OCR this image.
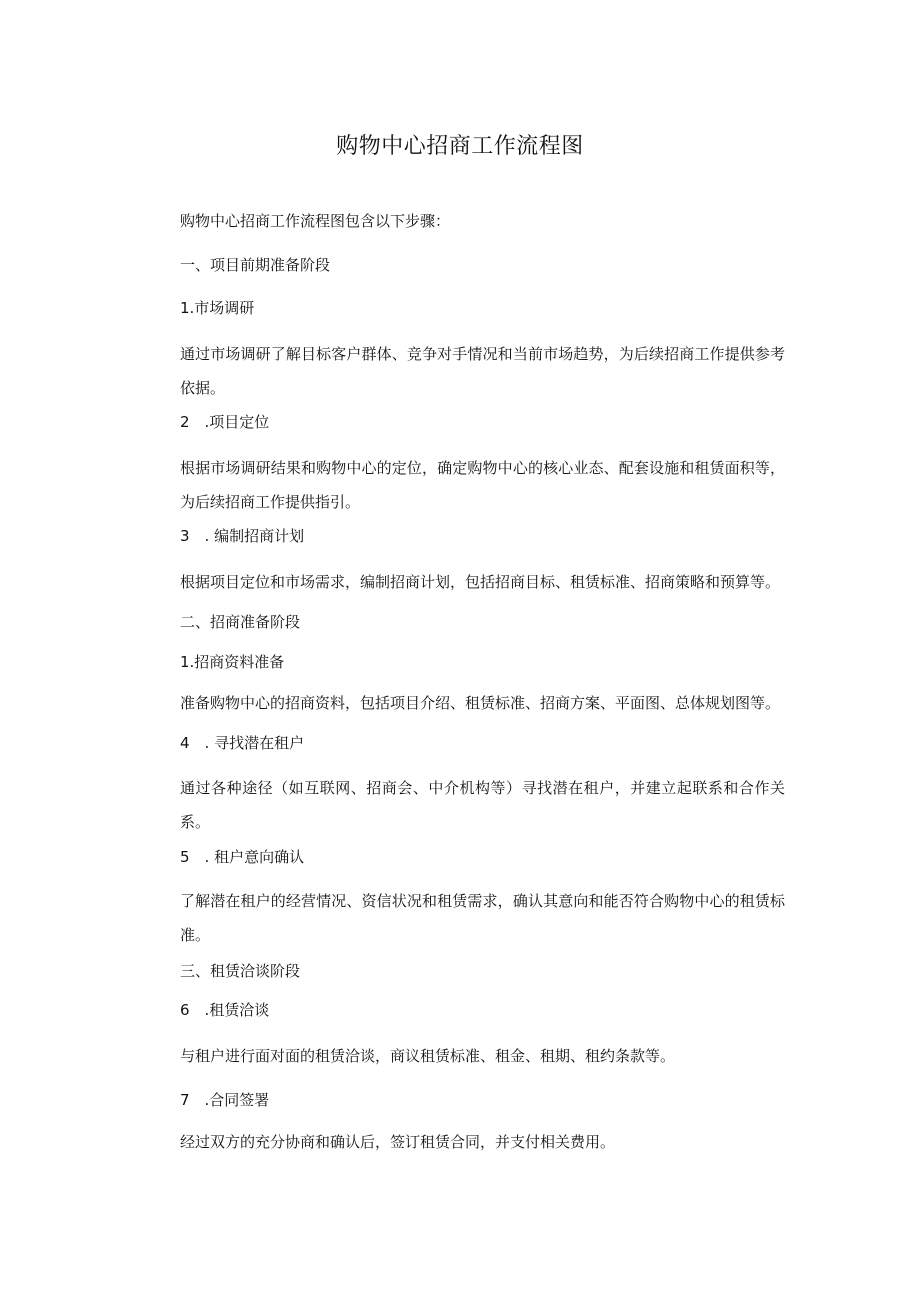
购物中心招商工作流程图
购物中心招商工作流程图包含以下步骤：
一、项目前期准备阶段
1.市场调研
通过市场调研了解目标客户群体、竞争对手情况和当前市场趋势，为后续招商工作提供参考依据。
2　.项目定位
根据市场调研结果和购物中心的定位，确定购物中心的核心业态、配套设施和租赁面积等，为后续招商工作提供指引。
3　. 编制招商计划
根据项目定位和市场需求，编制招商计划，包括招商目标、租赁标准、招商策略和预算等。
二、招商准备阶段
1.招商资料准备
准备购物中心的招商资料，包括项目介绍、租赁标准、招商方案、平面图、总体规划图等。
4　. 寻找潜在租户
通过各种途径（如互联网、招商会、中介机构等）寻找潜在租户，并建立起联系和合作关系。
5　. 租户意向确认
了解潜在租户的经营情况、资信状况和租赁需求，确认其意向和能否符合购物中心的租赁标准。
三、租赁洽谈阶段
6　.租赁洽谈
与租户进行面对面的租赁洽谈，商议租赁标准、租金、租期、租约条款等。
7　.合同签署
经过双方的充分协商和确认后，签订租赁合同，并支付相关费用。
